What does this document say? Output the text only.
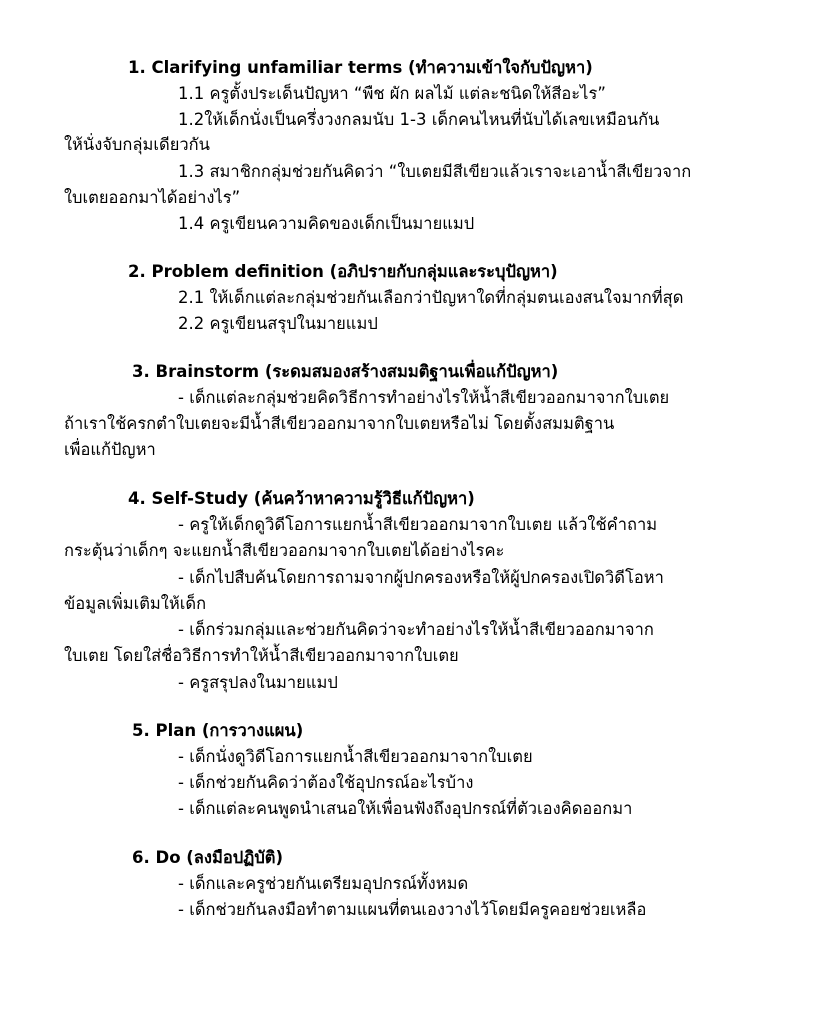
1. Clarifying unfamiliar terms (ทำความเข้าใจกับปัญหา)
1.1 ครูตั้งประเด็นปัญหา “พืช ผัก ผลไม้ แต่ละชนิดให้สีอะไร”
1.2ให้เด็กนั่งเป็นครึ่งวงกลมนับ 1-3 เด็กคนไหนที่นับได้เลขเหมือนกัน
ให้นั่งจับกลุ่มเดียวกัน
1.3 สมาชิกกลุ่มช่วยกันคิดว่า “ใบเตยมีสีเขียวแล้วเราจะเอาน้ำสีเขียวจาก
ใบเตยออกมาได้อย่างไร”
1.4 ครูเขียนความคิดของเด็กเป็นมายแมป
2. Problem definition (อภิปรายกับกลุ่มและระบุปัญหา)
2.1 ให้เด็กแต่ละกลุ่มช่วยกันเลือกว่าปัญหาใดที่กลุ่มตนเองสนใจมากที่สุด
2.2 ครูเขียนสรุปในมายแมป
3. Brainstorm (ระดมสมองสร้างสมมติฐานเพื่อแก้ปัญหา)
- เด็กแต่ละกลุ่มช่วยคิดวิธีการทำอย่างไรให้น้ำสีเขียวออกมาจากใบเตย
ถ้าเราใช้ครกตำใบเตยจะมีน้ำสีเขียวออกมาจากใบเตยหรือไม่ โดยตั้งสมมติฐาน
เพื่อแก้ปัญหา
4. Self-Study (ค้นคว้าหาความรู้วิธีแก้ปัญหา)
- ครูให้เด็กดูวิดีโอการแยกน้ำสีเขียวออกมาจากใบเตย แล้วใช้คำถาม
กระตุ้นว่าเด็กๆ จะแยกน้ำสีเขียวออกมาจากใบเตยได้อย่างไรคะ
- เด็กไปสืบค้นโดยการถามจากผู้ปกครองหรือให้ผู้ปกครองเปิดวิดีโอหา
ข้อมูลเพิ่มเติมให้เด็ก
- เด็กร่วมกลุ่มและช่วยกันคิดว่าจะทำอย่างไรให้น้ำสีเขียวออกมาจาก
ใบเตย โดยใส่ชื่อวิธีการทำให้น้ำสีเขียวออกมาจากใบเตย
- ครูสรุปลงในมายแมป
5. Plan (การวางแผน)
- เด็กนั่งดูวิดีโอการแยกน้ำสีเขียวออกมาจากใบเตย
- เด็กช่วยกันคิดว่าต้องใช้อุปกรณ์อะไรบ้าง
- เด็กแต่ละคนพูดนำเสนอให้เพื่อนฟังถึงอุปกรณ์ที่ตัวเองคิดออกมา
6. Do (ลงมือปฏิบัติ)
- เด็กและครูช่วยกันเตรียมอุปกรณ์ทั้งหมด
- เด็กช่วยกันลงมือทำตามแผนที่ตนเองวางไว้โดยมีครูคอยช่วยเหลือ
